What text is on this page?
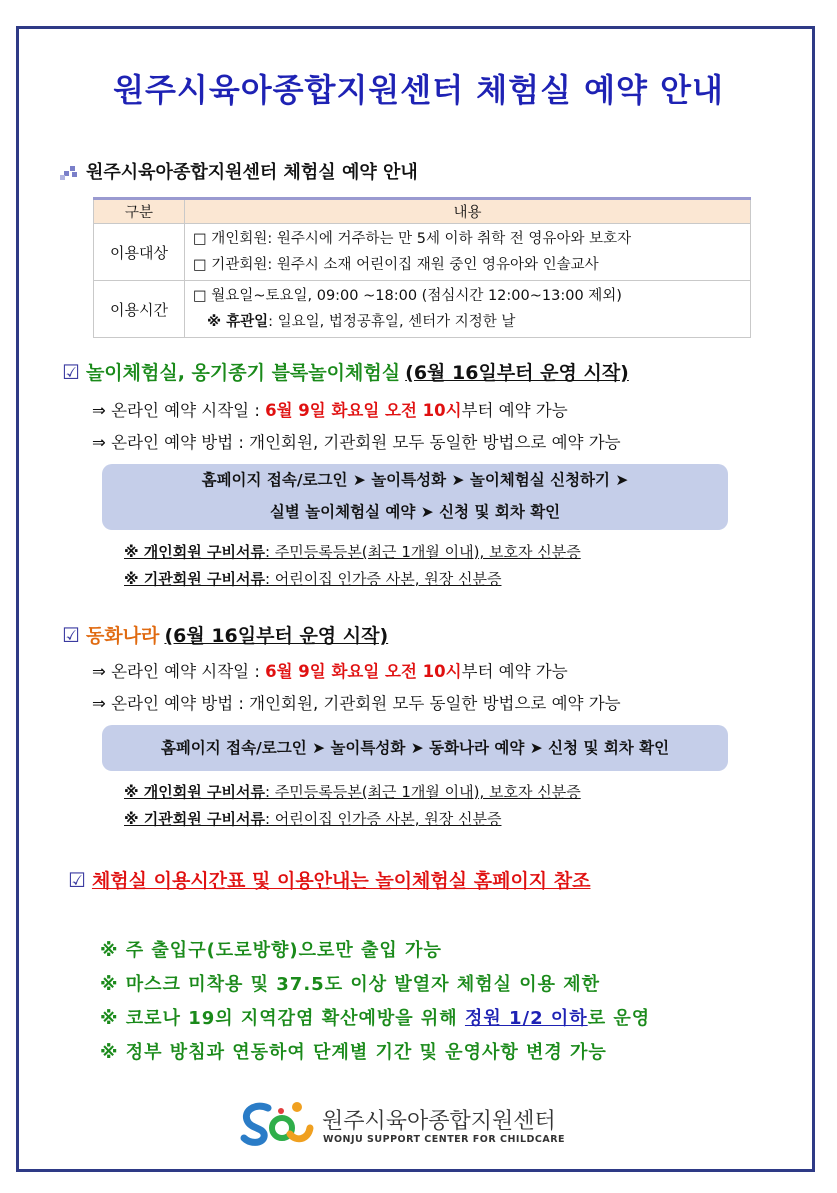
원주시육아종합지원센터 체험실 예약 안내
원주시육아종합지원센터 체험실 예약 안내
구분	내용
이용대상	□ 개인회원: 원주시에 거주하는 만 5세 이하 취학 전 영유아와 보호자
□ 기관회원: 원주시 소재 어린이집 재원 중인 영유아와 인솔교사

이용시간	□ 월요일~토요일, 09:00 ~18:00 (점심시간 12:00~13:00 제외)
※ 휴관일: 일요일, 법정공휴일, 센터가 지정한 날
☑ 놀이체험실, 옹기종기 블록놀이체험실 (6월 16일부터 운영 시작)
⇒ 온라인 예약 시작일 : 6월 9일 화요일 오전 10시부터 예약 가능
⇒ 온라인 예약 방법 : 개인회원, 기관회원 모두 동일한 방법으로 예약 가능
홈페이지 접속/로그인 ➤ 놀이특성화 ➤ 놀이체험실 신청하기 ➤
실별 놀이체험실 예약 ➤ 신청 및 회차 확인
※ 개인회원 구비서류: 주민등록등본(최근 1개월 이내), 보호자 신분증
※ 기관회원 구비서류: 어린이집 인가증 사본, 원장 신분증
☑ 동화나라 (6월 16일부터 운영 시작)
⇒ 온라인 예약 시작일 : 6월 9일 화요일 오전 10시부터 예약 가능
⇒ 온라인 예약 방법 : 개인회원, 기관회원 모두 동일한 방법으로 예약 가능
홈페이지 접속/로그인 ➤ 놀이특성화 ➤ 동화나라 예약 ➤ 신청 및 회차 확인
※ 개인회원 구비서류: 주민등록등본(최근 1개월 이내), 보호자 신분증
※ 기관회원 구비서류: 어린이집 인가증 사본, 원장 신분증
☑ 체험실 이용시간표 및 이용안내는 놀이체험실 홈페이지 참조
※ 주 출입구(도로방향)으로만 출입 가능
※ 마스크 미착용 및 37.5도 이상 발열자 체험실 이용 제한
※ 코로나 19의 지역감염 확산예방을 위해 정원 1/2 이하로 운영
※ 정부 방침과 연동하여 단계별 기간 및 운영사항 변경 가능
원주시육아종합지원센터
WONJU SUPPORT CENTER FOR CHILDCARE
